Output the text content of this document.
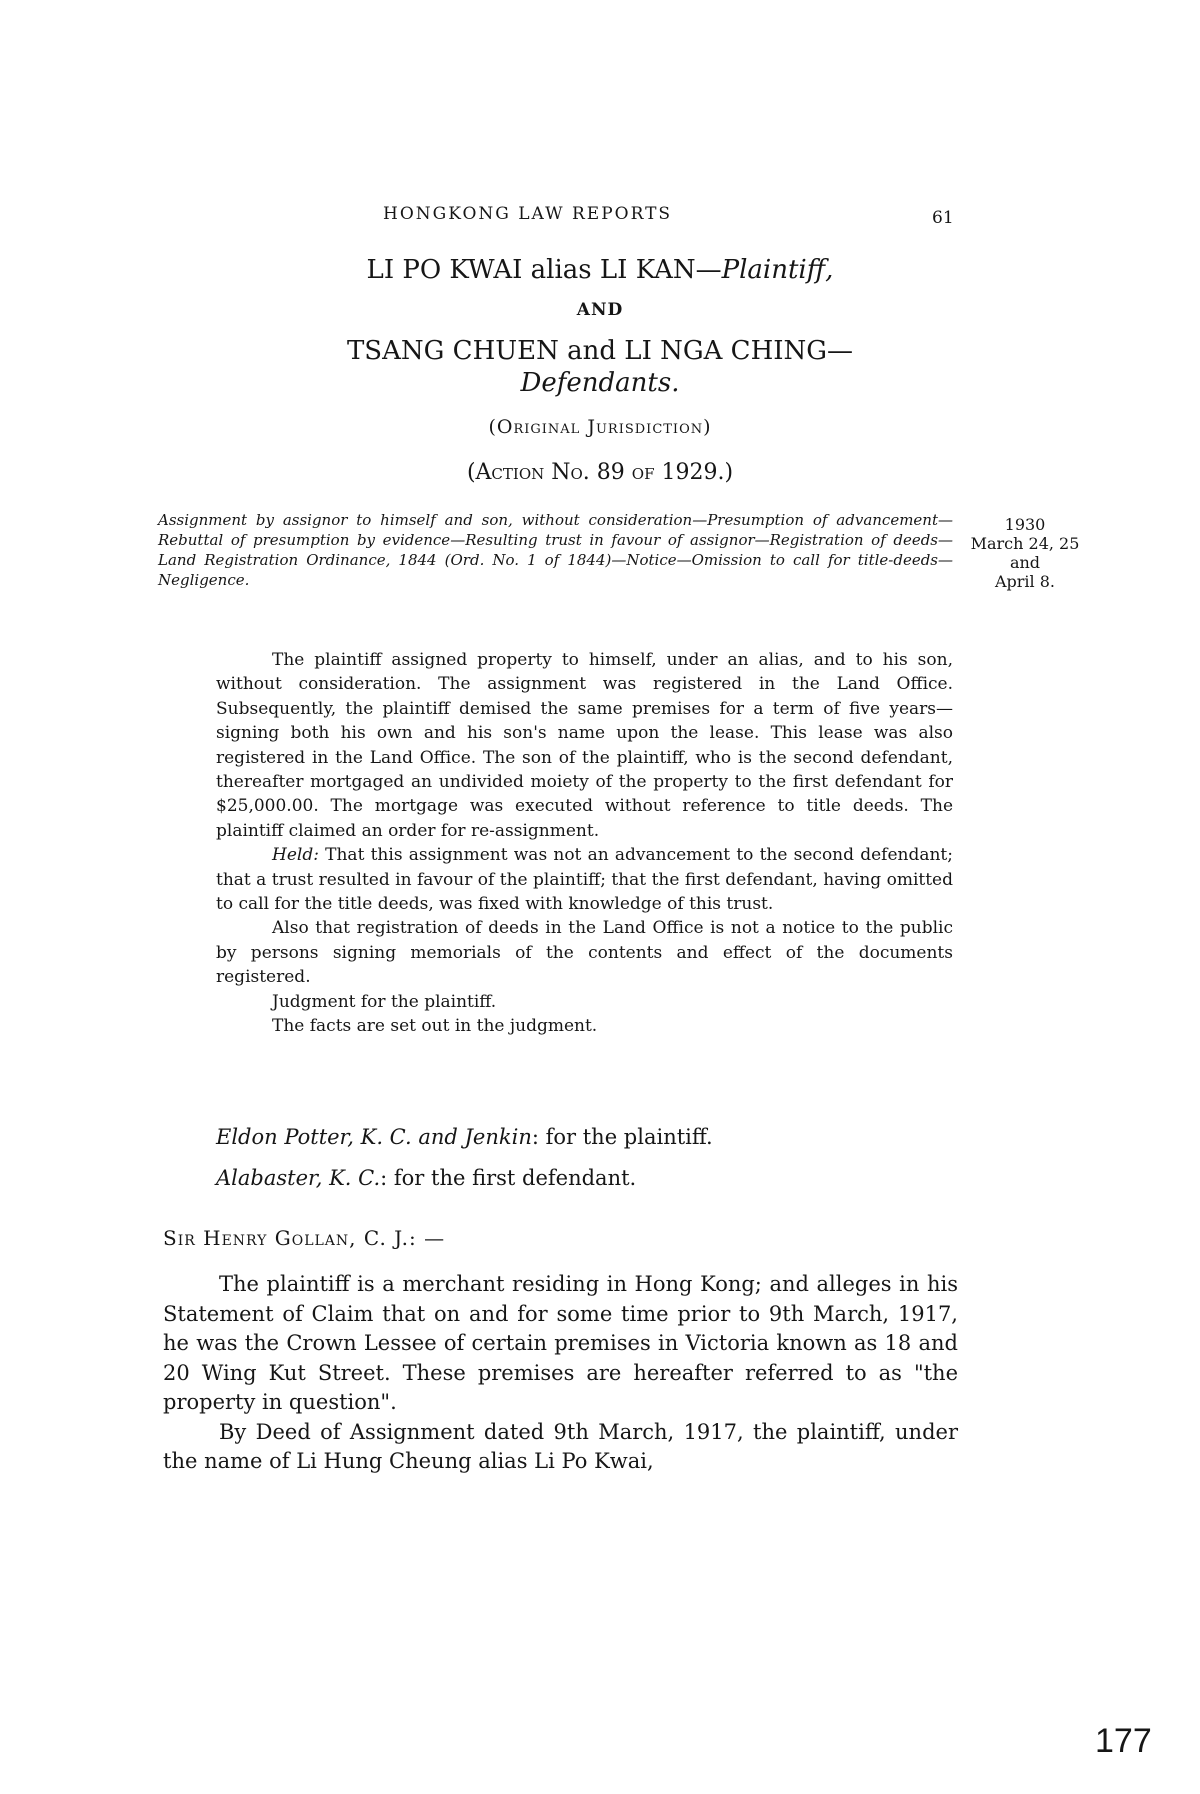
HONGKONG LAW REPORTS	61
LI PO KWAI alias LI KAN—Plaintiff,
AND
TSANG CHUEN and LI NGA CHING—
Defendants.
(Original Jurisdiction)
(Action No. 89 of 1929.)
Assignment by assignor to himself and son, without consideration—Presumption of advancement—Rebuttal of presumption by evidence—Resulting trust in favour of assignor—Registration of deeds—Land Registration Ordinance, 1844 (Ord. No. 1 of 1844)—Notice—Omission to call for title-deeds—Negligence.
1930
March 24, 25
and
April 8.

The plaintiff assigned property to himself, under an alias, and to his son, without consideration. The assignment was registered in the Land Office. Subsequently, the plaintiff demised the same premises for a term of five years—signing both his own and his son's name upon the lease. This lease was also registered in the Land Office. The son of the plaintiff, who is the second defendant, thereafter mortgaged an undivided moiety of the property to the first defendant for $25,000.00. The mortgage was executed without reference to title deeds. The plaintiff claimed an order for re-assignment.

Held: That this assignment was not an advancement to the second defendant; that a trust resulted in favour of the plaintiff; that the first defendant, having omitted to call for the title deeds, was fixed with knowledge of this trust.

Also that registration of deeds in the Land Office is not a notice to the public by persons signing memorials of the contents and effect of the documents registered.

Judgment for the plaintiff.

The facts are set out in the judgment.

Eldon Potter, K. C. and Jenkin: for the plaintiff.
Alabaster, K. C.: for the first defendant.
Sir Henry Gollan, C. J.: —

The plaintiff is a merchant residing in Hong Kong; and alleges in his Statement of Claim that on and for some time prior to 9th March, 1917, he was the Crown Lessee of certain premises in Victoria known as 18 and 20 Wing Kut Street. These premises are hereafter referred to as "the property in question".

By Deed of Assignment dated 9th March, 1917, the plaintiff, under the name of Li Hung Cheung alias Li Po Kwai,

177
